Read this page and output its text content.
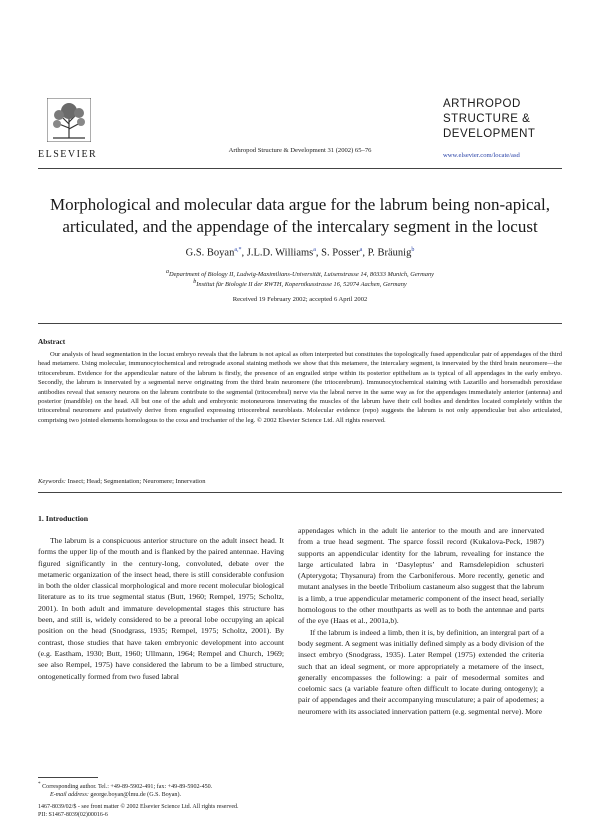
ELSEVIER	Arthropod Structure & Development 31 (2002) 65–76
ARTHROPOD
STRUCTURE &
DEVELOPMENT
www.elsevier.com/locate/asd
Morphological and molecular data argue for the labrum being non-apical,
articulated, and the appendage of the intercalary segment in the locust
G.S. Boyan$^{a,*}$, J.L.D. Williams$^a$, S. Posser$^a$, P. Bräunig$^b$
$^a$Department of Biology II, Ludwig-Maximilians-Universität, Luisenstrasse 14, 80333 Munich, Germany
$^b$Institut für Biologie II der RWTH, Kopernikusstrasse 16, 52074 Aachen, Germany
Received 19 February 2002; accepted 6 April 2002
Abstract

Our analysis of head segmentation in the locust embryo reveals that the labrum is not apical as often interpreted but constitutes the topologically fused appendicular pair of appendages of the third head metamere. Using molecular, immunocytochemical and retrograde axonal staining methods we show that this metamere, the intercalary segment, is innervated by the third brain neuromere—the tritocerebrum. Evidence for the appendicular nature of the labrum is firstly, the presence of an engrailed stripe within its posterior epithelium as is typical of all appendages in the early embryo. Secondly, the labrum is innervated by a segmental nerve originating from the third brain neuromere (the tritocerebrum). Immunocytochemical staining with Lazarillo and horseradish peroxidase antibodies reveal that sensory neurons on the labrum contribute to the segmental (tritocerebral) nerve via the labral nerve in the same way as for the appendages immediately anterior (antenna) and posterior (mandible) on the head. All but one of the adult and embryonic motoneurons innervating the muscles of the labrum have their cell bodies and dendrites located completely within the tritocerebral neuromere and putatively derive from engrailed expressing tritocerebral neuroblasts. Molecular evidence (repo) suggests the labrum is not only appendicular but also articulated, comprising two jointed elements homologous to the coxa and trochanter of the leg. © 2002 Elsevier Science Ltd. All rights reserved.

Keywords: Insect; Head; Segmentation; Neuromere; Innervation
1. Introduction

The labrum is a conspicuous anterior structure on the adult insect head. It forms the upper lip of the mouth and is flanked by the paired antennae. Having figured significantly in the century-long, convoluted, debate over the metameric organization of the insect head, there is still considerable confusion in both the older classical morphological and more recent molecular biological literature as to its true segmental status (Butt, 1960; Rempel, 1975; Scholtz, 2001). In both adult and immature developmental stages this structure has been, and still is, widely considered to be a preoral lobe occupying an apical position on the head (Snodgrass, 1935; Rempel, 1975; Scholtz, 2001). By contrast, those studies that have taken embryonic development into account (e.g. Eastham, 1930; Butt, 1960; Ullmann, 1964; Rempel and Church, 1969; see also Rempel, 1975) have considered the labrum to be a limbed structure, ontogenetically formed from two fused labral

appendages which in the adult lie anterior to the mouth and are innervated from a true head segment. The sparce fossil record (Kukalova-Peck, 1987) supports an appendicular identity for the labrum, revealing for instance the large articulated labra in ‘Dasyleptus’ and Ramsdelepidion schusteri (Apterygota; Thysanura) from the Carboniferous. More recently, genetic and mutant analyses in the beetle Tribolium castaneum also suggest that the labrum is a limb, a true appendicular metameric component of the insect head, serially homologous to the other mouthparts as well as to both the antennae and parts of the eye (Haas et al., 2001a,b).

If the labrum is indeed a limb, then it is, by definition, an intergral part of a body segment. A segment was initially defined simply as a body division of the insect embryo (Snodgrass, 1935). Later Rempel (1975) extended the criteria such that an ideal segment, or more appropriately a metamere of the insect, generally encompasses the following: a pair of mesodermal somites and coelomic sacs (a variable feature often difficult to locate during ontogeny); a pair of appendages and their accompanying musculature; a pair of apodemes; a neuromere with its associated innervation pattern (e.g. segmental nerve). More

* Corresponding author. Tel.: +49-89-5902-491; fax: +49-89-5902-450.
E-mail address: george.boyan@lmu.de (G.S. Boyan).
1467-8039/02/$ - see front matter © 2002 Elsevier Science Ltd. All rights reserved.
PII: S1467-8039(02)00016-6
